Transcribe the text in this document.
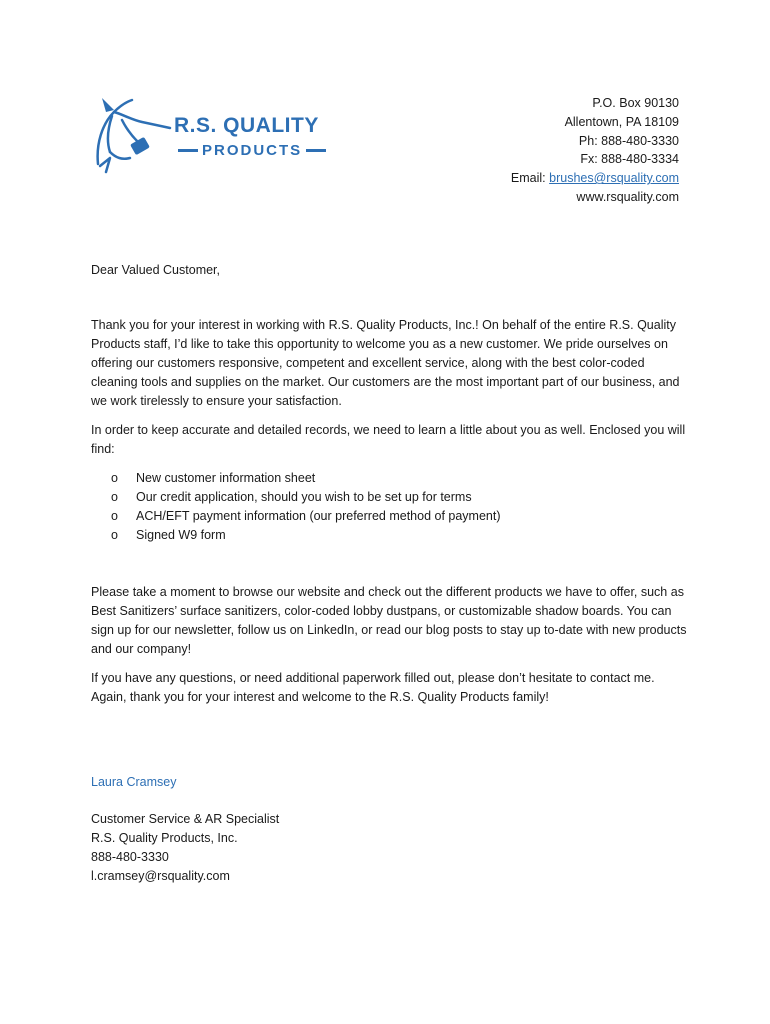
R.S. QUALITY
PRODUCTS
P.O. Box 90130
Allentown, PA 18109
Ph: 888-480-3330
Fx: 888-480-3334
Email: brushes@rsquality.com
www.rsquality.com

Dear Valued Customer,

Thank you for your interest in working with R.S. Quality Products, Inc.! On behalf of the entire R.S. Quality Products staff, I’d like to take this opportunity to welcome you as a new customer. We pride ourselves on offering our customers responsive, competent and excellent service, along with the best color-coded cleaning tools and supplies on the market. Our customers are the most important part of our business, and we work tirelessly to ensure your satisfaction.

In order to keep accurate and detailed records, we need to learn a little about you as well. Enclosed you will find:

o New customer information sheet
o Our credit application, should you wish to be set up for terms
o ACH/EFT payment information (our preferred method of payment)
o Signed W9 form

Please take a moment to browse our website and check out the different products we have to offer, such as Best Sanitizers’ surface sanitizers, color-coded lobby dustpans, or customizable shadow boards. You can sign up for our newsletter, follow us on LinkedIn, or read our blog posts to stay up to-date with new products and our company!

If you have any questions, or need additional paperwork filled out, please don’t hesitate to contact me. Again, thank you for your interest and welcome to the R.S. Quality Products family!

Laura Cramsey

Customer Service & AR Specialist

R.S. Quality Products, Inc.

888-480-3330

l.cramsey@rsquality.com
